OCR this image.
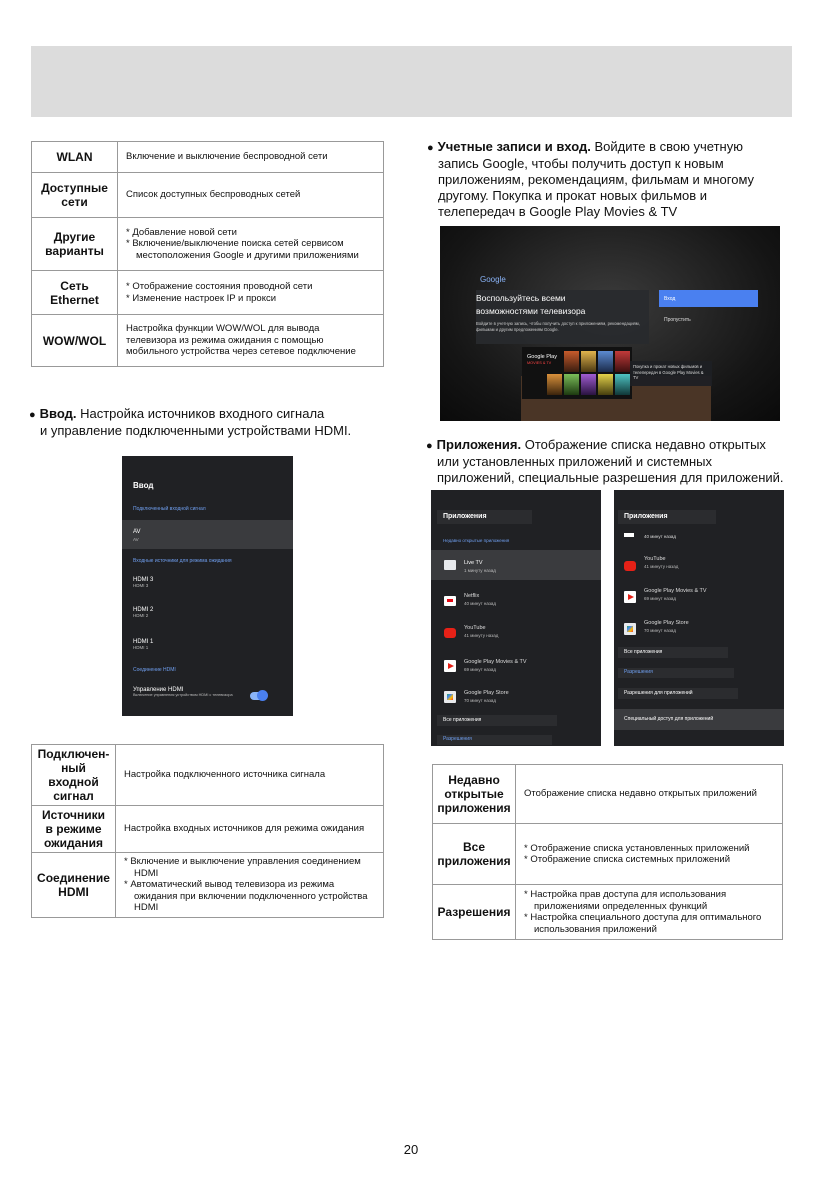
WLAN	Включение и выключение беспроводной сети

Доступные
сети	Список доступных беспроводных сетей

Другие
варианты	* Добавление новой сети
* Включение/выключение поиска сетей сервисом
местоположения Google и другими приложениями

Сеть
Ethernet	* Отображение состояния проводной сети
* Изменение настроек IP и прокси

WOW/WOL	Настройка функции WOW/WOL для вывода
телевизора из режима ожидания с помощью
мобильного устройства через сетевое подключение
● Ввод. Настройка источников входного сигнала
и управление подключенными устройствами HDMI.
Ввод
Подключенный входной сигнал
AV
AV
Входные источники для режима ожидания
HDMI 3
HDMI 3
HDMI 2
HDMI 2
HDMI 1
HDMI 1
Соединение HDMI
Управление HDMI
Включение управления устройством HDMI с телевизора
Подключен-
ный входной
сигнал	Настройка подключенного источника сигнала

Источники
в режиме
ожидания	Настройка входных источников для режима ожидания

Соединение
HDMI	* Включение и выключение управления соединением
HDMI
* Автоматический вывод телевизора из режима
ожидания при включении подключенного устройства
HDMI
● Учетные записи и вход. Войдите в свою учетную
запись Google, чтобы получить доступ к новым
приложениям, рекомендациям, фильмам и многому
другому. Покупка и прокат новых фильмов и
телепередач в Google Play Movies & TV
Google
Воспользуйтесь всеми
возможностями телевизора
Войдите в учетную запись, чтобы получить доступ к приложениям, рекомендациям, фильмам и другим предложениям Google.
Вход
Пропустить
Google Play
MOVIES & TV
Покупка и прокат новых фильмов и телепередач в Google Play Movies & TV
● Приложения. Отображение списка недавно открытых
или установленных приложений и системных
приложений, специальные разрешения для приложений.
Приложения
Недавно открытые приложения
Live TV
1 минуту назад
Netflix
40 минут назад
YouTube
41 минуту назад
Google Play Movies & TV
69 минут назад
Google Play Store
70 минут назад
Все приложения
Разрешения
Приложения
40 минут назад
YouTube
41 минуту назад
Google Play Movies & TV
69 минут назад
Google Play Store
70 минут назад
Все приложения
Разрешения
Разрешения для приложений
Специальный доступ для приложений
Недавно
открытые
приложения	Отображение списка недавно открытых приложений

Все
приложения	* Отображение списка установленных приложений
* Отображение списка системных приложений

Разрешения	* Настройка прав доступа для использования
приложениями определенных функций
* Настройка специального доступа для оптимального
использования приложений
20
